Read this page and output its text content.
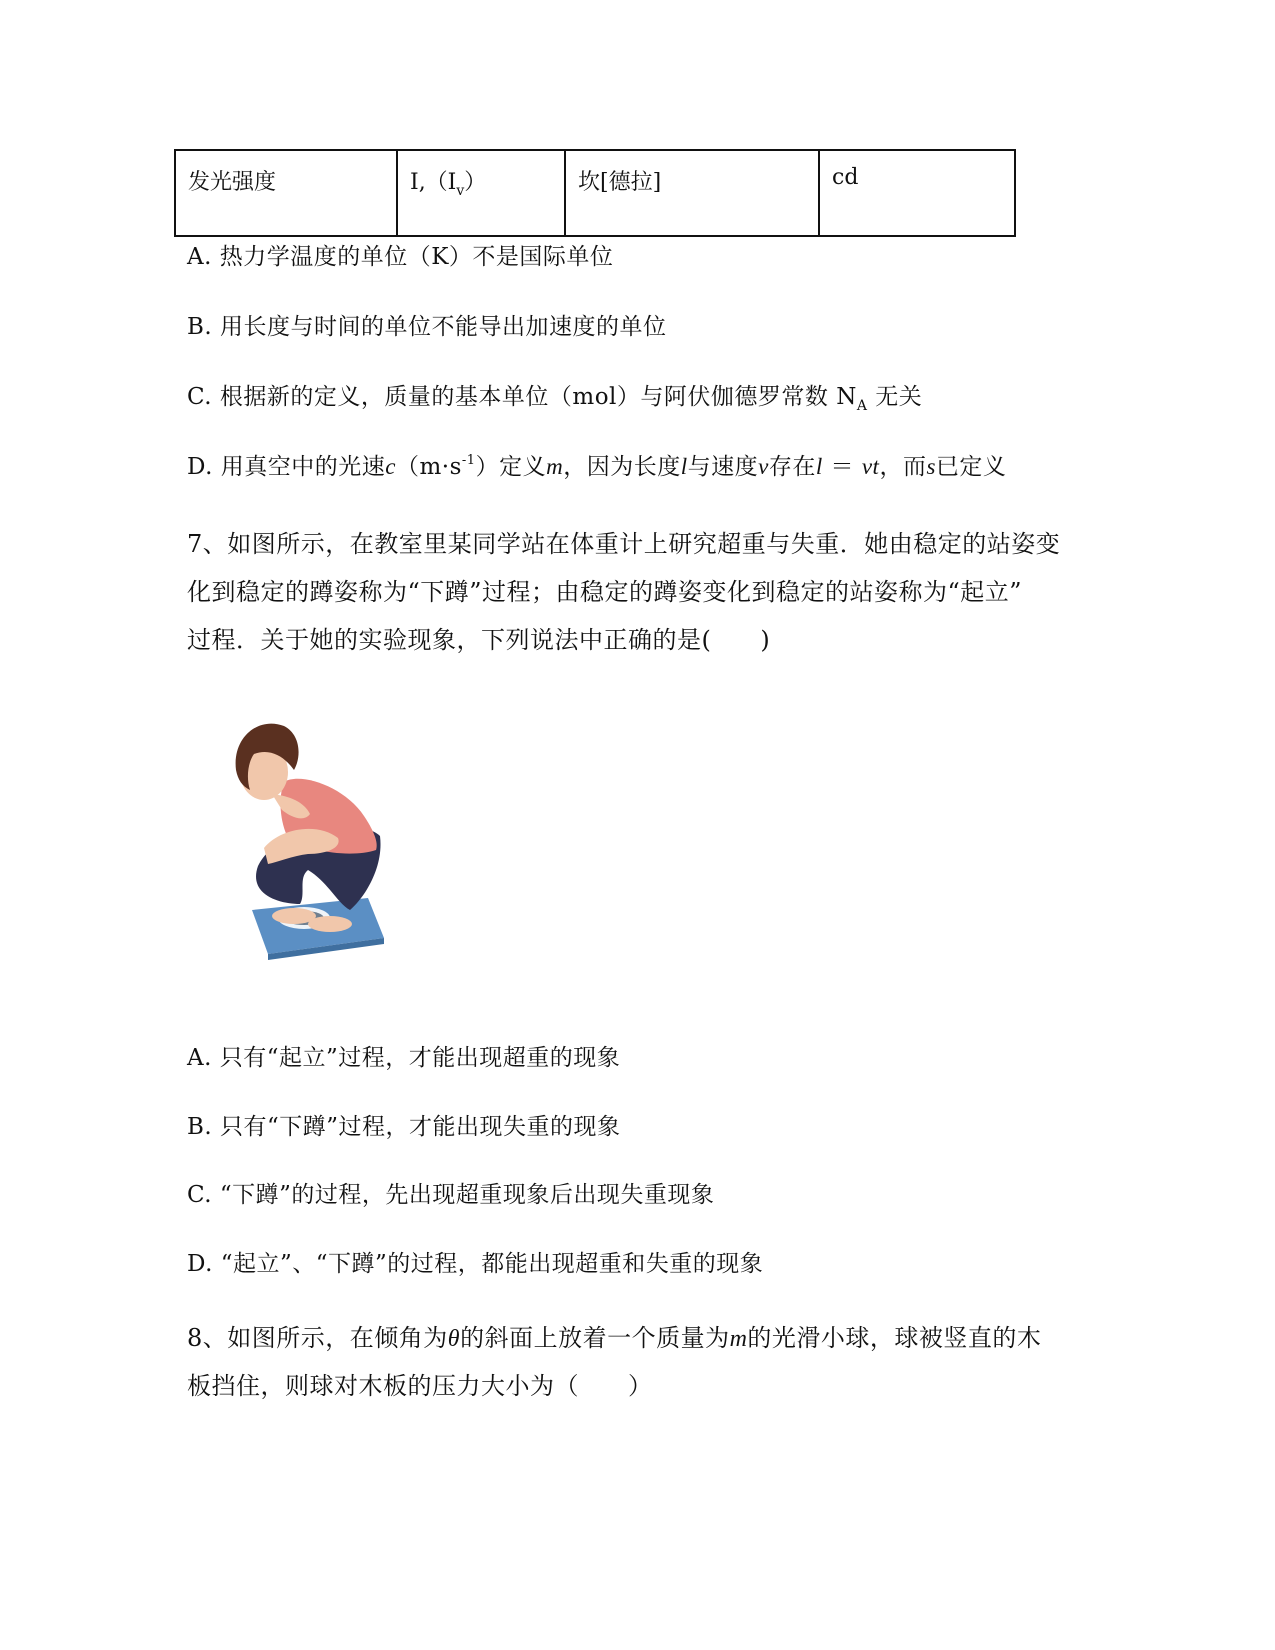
发光强度	$I,(I_v)$	坎[德拉]	cd
A. 热力学温度的单位（K）不是国际单位
B. 用长度与时间的单位不能导出加速度的单位
C. 根据新的定义，质量的基本单位（mol）与阿伏伽德罗常数 $N_A$ 无关
D. 用真空中的光速$c(m\cdot s^{-1})$定义m，因为长度l与速度v存在l ＝ vt，而s已定义
7、如图所示，在教室里某同学站在体重计上研究超重与失重．她由稳定的站姿变
化到稳定的蹲姿称为“下蹲”过程；由稳定的蹲姿变化到稳定的站姿称为“起立”
过程．关于她的实验现象，下列说法中正确的是(　　)
A. 只有“起立”过程，才能出现超重的现象
B. 只有“下蹲”过程，才能出现失重的现象
C. “下蹲”的过程，先出现超重现象后出现失重现象
D. “起立”、“下蹲”的过程，都能出现超重和失重的现象
8、如图所示，在倾角为θ的斜面上放着一个质量为m的光滑小球，球被竖直的木
板挡住，则球对木板的压力大小为（　　）
